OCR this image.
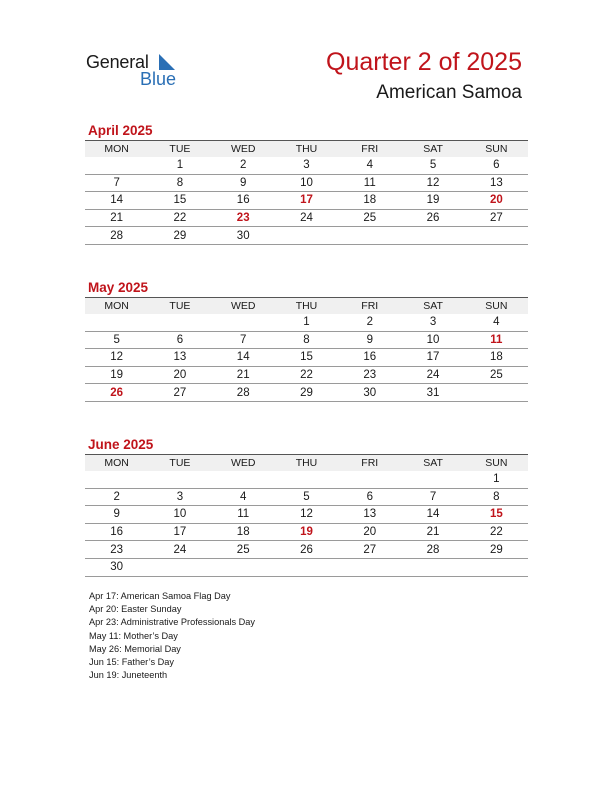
General
Blue
Quarter 2 of 2025
American Samoa
April 2025
MON	TUE	WED	THU	FRI	SAT	SUN
	1	2	3	4	5	6
7	8	9	10	11	12	13
14	15	16	17	18	19	20
21	22	23	24	25	26	27
28	29	30				
May 2025
MON	TUE	WED	THU	FRI	SAT	SUN
			1	2	3	4
5	6	7	8	9	10	11
12	13	14	15	16	17	18
19	20	21	22	23	24	25
26	27	28	29	30	31	
June 2025
MON	TUE	WED	THU	FRI	SAT	SUN
						1
2	3	4	5	6	7	8
9	10	11	12	13	14	15
16	17	18	19	20	21	22
23	24	25	26	27	28	29
30						
Apr 17: American Samoa Flag Day
Apr 20: Easter Sunday
Apr 23: Administrative Professionals Day
May 11: Mother’s Day
May 26: Memorial Day
Jun 15: Father’s Day
Jun 19: Juneteenth
